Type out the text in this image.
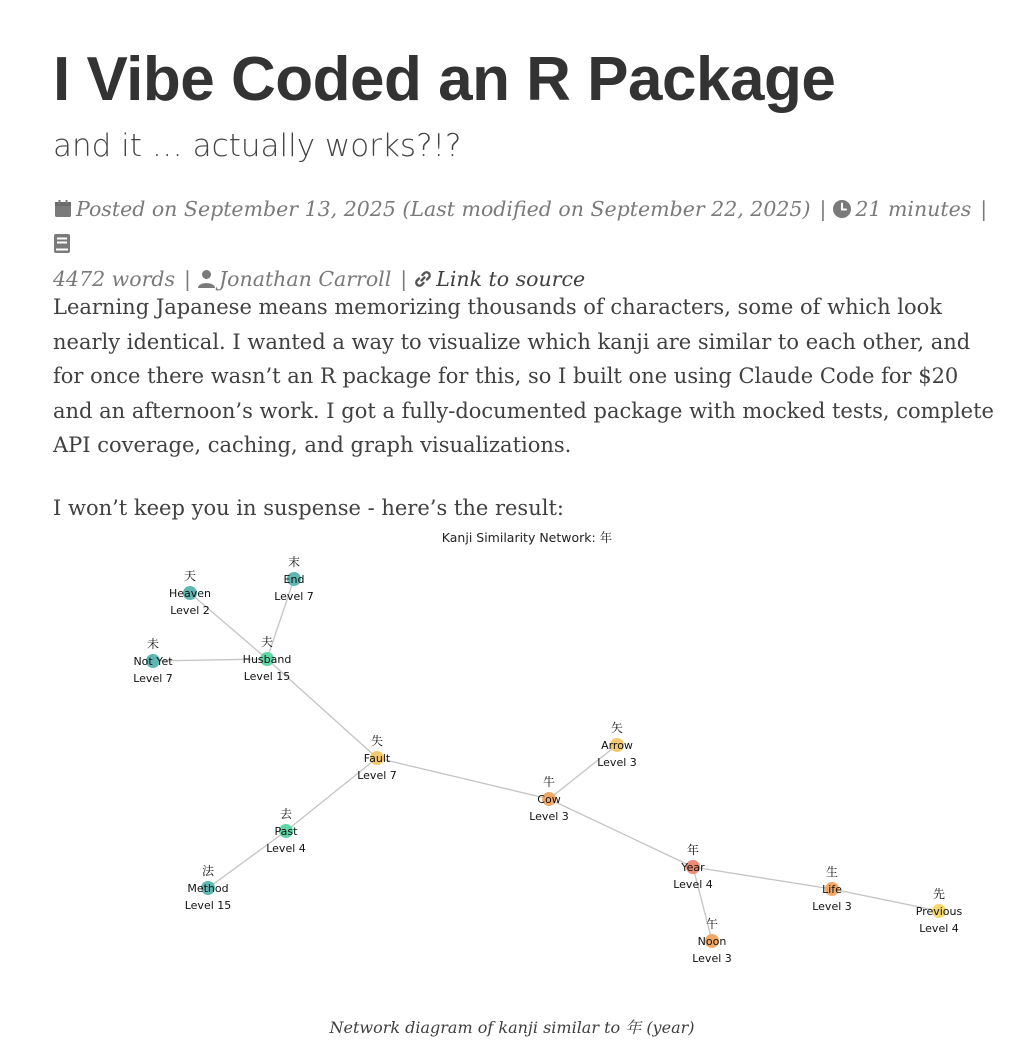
I Vibe Coded an R Package
and it … actually works?!?
Posted on September 13, 2025 (Last modified on September 22, 2025) | 21 minutes |
4472 words | Jonathan Carroll | Link to source

Learning Japanese means memorizing thousands of characters, some of which look nearly identical. I wanted a way to visualize which kanji are similar to each other, and for once there wasn’t an R package for this, so I built one using Claude Code for $20 and an afternoon’s work. I got a fully-documented package with mocked tests, complete API coverage, caching, and graph visualizations.

I won’t keep you in suspense - here’s the result:

Kanji Similarity Network: 年
天
Heaven
Level 2
末
End
Level 7
未
Not Yet
Level 7
夫
Husband
Level 15
失
Fault
Level 7
矢
Arrow
Level 3
牛
Cow
Level 3
去
Past
Level 4
法
Method
Level 15
年
Year
Level 4
生
Life
Level 3
先
Previous
Level 4
午
Noon
Level 3
Network diagram of kanji similar to 年 (year)
